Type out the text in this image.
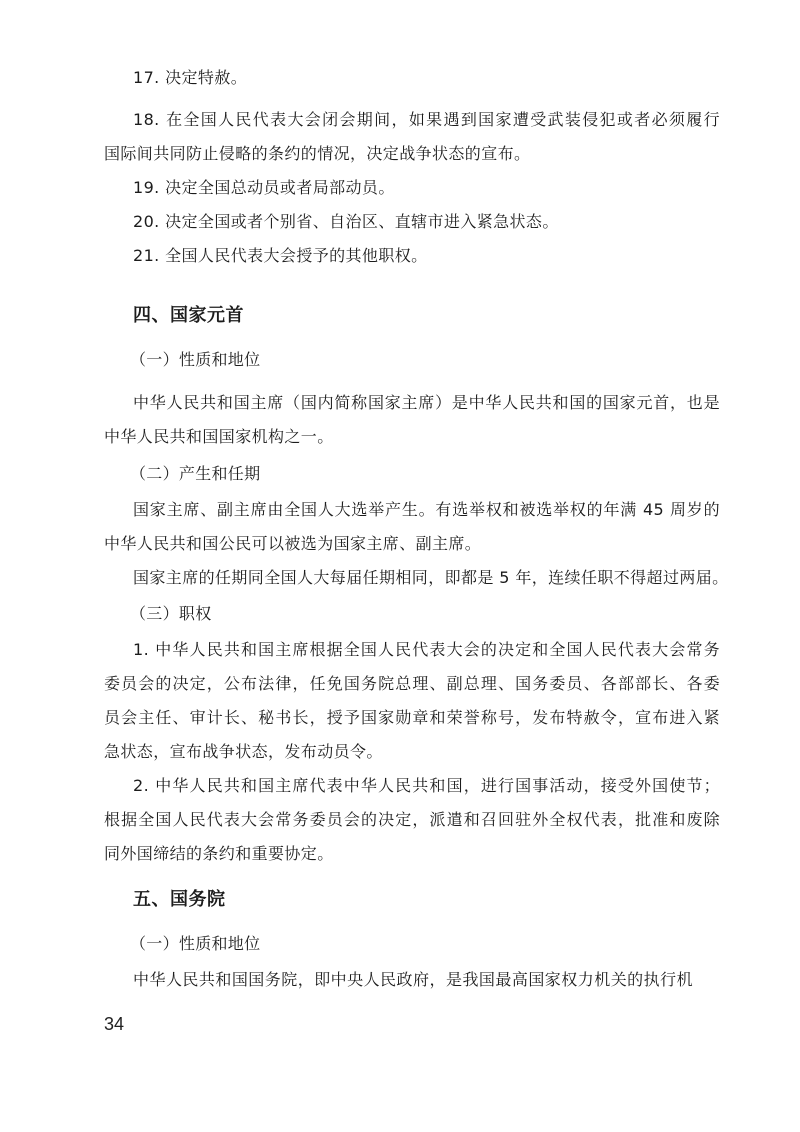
17. 决定特赦。
18. 在全国人民代表大会闭会期间，如果遇到国家遭受武装侵犯或者必须履行
国际间共同防止侵略的条约的情况，决定战争状态的宣布。
19. 决定全国总动员或者局部动员。
20. 决定全国或者个别省、自治区、直辖市进入紧急状态。
21. 全国人民代表大会授予的其他职权。
四、国家元首
（一）性质和地位
中华人民共和国主席（国内简称国家主席）是中华人民共和国的国家元首，也是
中华人民共和国国家机构之一。
（二）产生和任期
国家主席、副主席由全国人大选举产生。有选举权和被选举权的年满 45 周岁的
中华人民共和国公民可以被选为国家主席、副主席。
国家主席的任期同全国人大每届任期相同，即都是 5 年，连续任职不得超过两届。
（三）职权
1. 中华人民共和国主席根据全国人民代表大会的决定和全国人民代表大会常务
委员会的决定，公布法律，任免国务院总理、副总理、国务委员、各部部长、各委
员会主任、审计长、秘书长，授予国家勋章和荣誉称号，发布特赦令，宣布进入紧
急状态，宣布战争状态，发布动员令。
2. 中华人民共和国主席代表中华人民共和国，进行国事活动，接受外国使节；
根据全国人民代表大会常务委员会的决定，派遣和召回驻外全权代表，批准和废除
同外国缔结的条约和重要协定。
五、国务院
（一）性质和地位
中华人民共和国国务院，即中央人民政府，是我国最高国家权力机关的执行机
34
